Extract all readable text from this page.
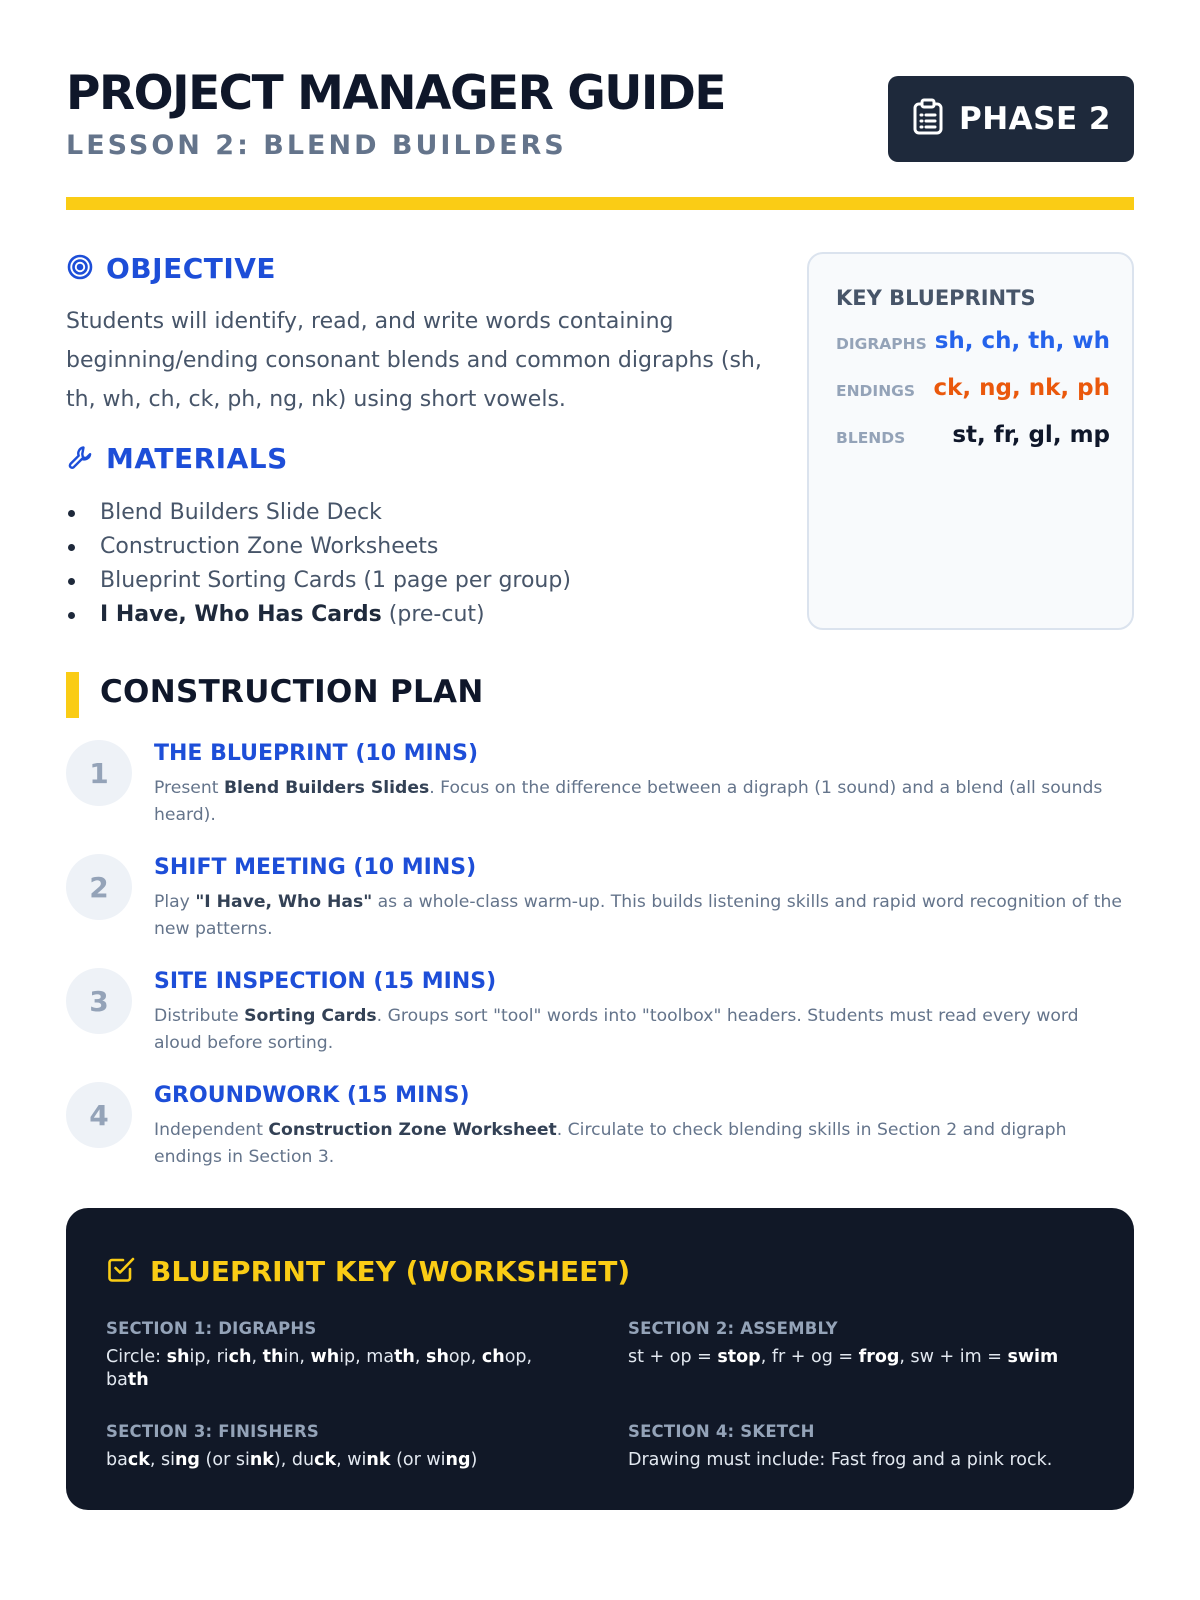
PROJECT MANAGER GUIDE
LESSON 2: BLEND BUILDERS
PHASE 2
OBJECTIVE
Students will identify, read, and write words containing beginning/ending consonant blends and common digraphs (sh, th, wh, ch, ck, ph, ng, nk) using short vowels.
MATERIALS
Blend Builders Slide Deck
Construction Zone Worksheets
Blueprint Sorting Cards (1 page per group)
I Have, Who Has Cards (pre-cut)
KEY BLUEPRINTS
DIGRAPHS sh, ch, th, wh
ENDINGS ck, ng, nk, ph
BLENDS st, fr, gl, mp
CONSTRUCTION PLAN
1
THE BLUEPRINT (10 MINS)
Present Blend Builders Slides. Focus on the difference between a digraph (1 sound) and a blend (all sounds heard).
2
SHIFT MEETING (10 MINS)
Play "I Have, Who Has" as a whole-class warm-up. This builds listening skills and rapid word recognition of the new patterns.
3
SITE INSPECTION (15 MINS)
Distribute Sorting Cards. Groups sort "tool" words into "toolbox" headers. Students must read every word aloud before sorting.
4
GROUNDWORK (15 MINS)
Independent Construction Zone Worksheet. Circulate to check blending skills in Section 2 and digraph endings in Section 3.
BLUEPRINT KEY (WORKSHEET)
SECTION 1: DIGRAPHS
Circle: ship, rich, thin, whip, math, shop, chop, bath
SECTION 2: ASSEMBLY
st + op = stop, fr + og = frog, sw + im = swim
SECTION 3: FINISHERS
back, sing (or sink), duck, wink (or wing)
SECTION 4: SKETCH
Drawing must include: Fast frog and a pink rock.
